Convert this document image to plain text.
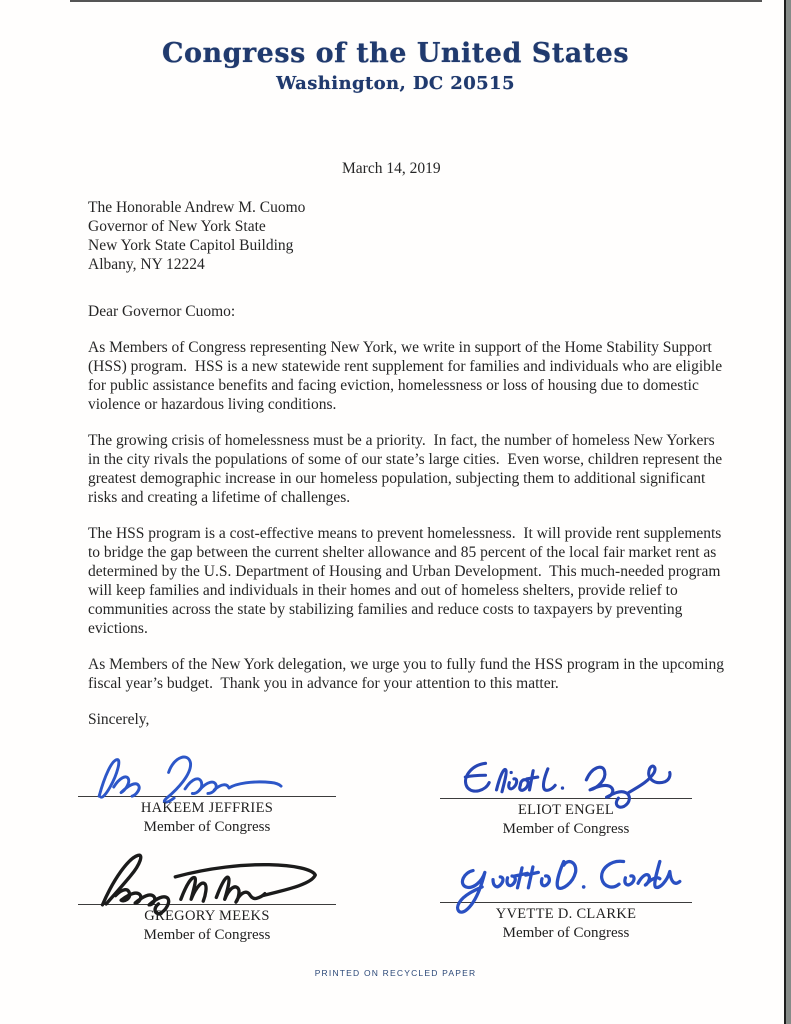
Congress of the United States
Washington, DC 20515
March 14, 2019
The Honorable Andrew M. Cuomo
Governor of New York State
New York State Capitol Building
Albany, NY 12224
Dear Governor Cuomo:

As Members of Congress representing New York, we write in support of the Home Stability Support (HSS) program.  HSS is a new statewide rent supplement for families and individuals who are eligible for public assistance benefits and facing eviction, homelessness or loss of housing due to domestic violence or hazardous living conditions.

The growing crisis of homelessness must be a priority.  In fact, the number of homeless New Yorkers in the city rivals the populations of some of our state’s large cities.  Even worse, children represent the greatest demographic increase in our homeless population, subjecting them to additional significant risks and creating a lifetime of challenges.

The HSS program is a cost-effective means to prevent homelessness.  It will provide rent supplements to bridge the gap between the current shelter allowance and 85 percent of the local fair market rent as determined by the U.S. Department of Housing and Urban Development.  This much-needed program will keep families and individuals in their homes and out of homeless shelters, provide relief to communities across the state by stabilizing families and reduce costs to taxpayers by preventing evictions.

As Members of the New York delegation, we urge you to fully fund the HSS program in the upcoming fiscal year’s budget.  Thank you in advance for your attention to this matter.

Sincerely,
HAKEEM JEFFRIES
Member of Congress
ELIOT ENGEL
Member of Congress
GREGORY MEEKS
Member of Congress
YVETTE D. CLARKE
Member of Congress
PRINTED ON RECYCLED PAPER
